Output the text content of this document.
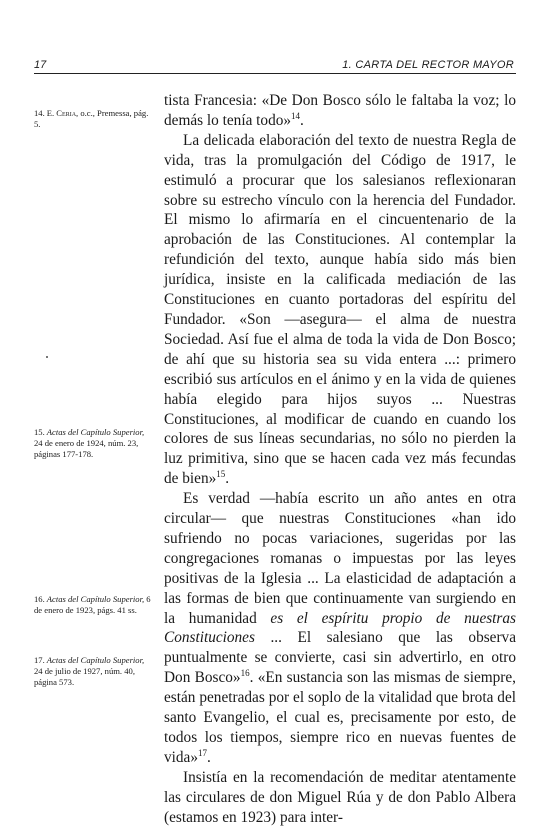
17	1. CARTA DEL RECTOR MAYOR
14. E. Ceria, o.c., Premessa, pág. 5.
15. Actas del Capítulo Superior, 24 de enero de 1924, núm. 23, páginas 177-178.
16. Actas del Capítulo Superior, 6 de enero de 1923, págs. 41 ss.
17. Actas del Capítulo Superior, 24 de julio de 1927, núm. 40, página 573.

tista Francesia: «De Don Bosco sólo le faltaba la voz; lo demás lo tenía todo»$^{14}$.

La delicada elaboración del texto de nuestra Regla de vida, tras la promulgación del Código de 1917, le estimuló a procurar que los salesianos reflexionaran sobre su estrecho vínculo con la herencia del Fundador. El mismo lo afirmaría en el cincuentenario de la aprobación de las Constituciones. Al contemplar la refundición del texto, aunque había sido más bien jurídica, insiste en la calificada mediación de las Constituciones en cuanto portadoras del espíritu del Fundador. «Son —asegura— el alma de nuestra Sociedad. Así fue el alma de toda la vida de Don Bosco; de ahí que su historia sea su vida entera ...: primero escribió sus artículos en el ánimo y en la vida de quienes había elegido para hijos suyos ... Nuestras Constituciones, al modificar de cuando en cuando los colores de sus líneas secundarias, no sólo no pierden la luz primitiva, sino que se hacen cada vez más fecundas de bien»$^{15}$.

Es verdad —había escrito un año antes en otra circular— que nuestras Constituciones «han ido sufriendo no pocas variaciones, sugeridas por las congregaciones romanas o impuestas por las leyes positivas de la Iglesia ... La elasticidad de adaptación a las formas de bien que continuamente van surgiendo en la humanidad es el espíritu propio de nuestras Constituciones ... El salesiano que las observa puntualmente se convierte, casi sin advertirlo, en otro Don Bosco»$^{16}$. «En sustancia son las mismas de siempre, están penetradas por el soplo de la vitalidad que brota del santo Evangelio, el cual es, precisamente por esto, de todos los tiempos, siempre rico en nuevas fuentes de vida»$^{17}$.

Insistía en la recomendación de meditar atentamente las circulares de don Miguel Rúa y de don Pablo Albera (estamos en 1923) para inter-
